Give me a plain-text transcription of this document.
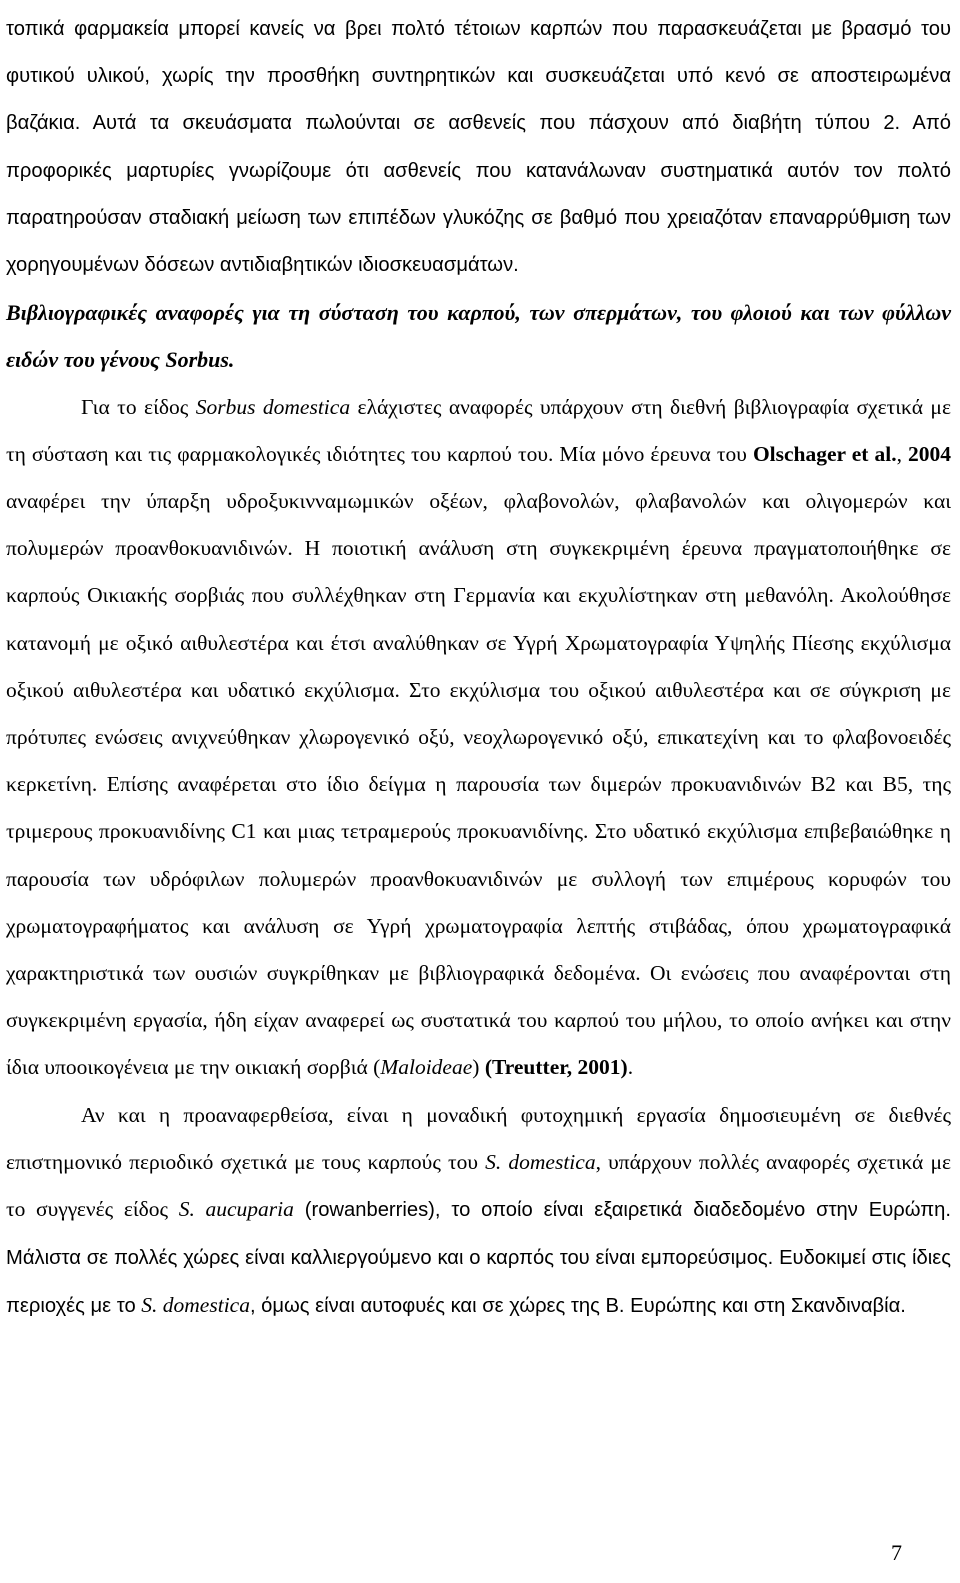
τοπικά φαρμακεία μπορεί κανείς να βρει πολτό τέτοιων καρπών που παρασκευάζεται με βρασμό του φυτικού υλικού, χωρίς την προσθήκη συντηρητικών και συσκευάζεται υπό κενό σε αποστειρωμένα βαζάκια. Αυτά τα σκευάσματα πωλούνται σε ασθενείς που πάσχουν από διαβήτη τύπου 2. Από προφορικές μαρτυρίες γνωρίζουμε ότι ασθενείς που κατανάλωναν συστηματικά αυτόν τον πολτό παρατηρούσαν σταδιακή μείωση των επιπέδων γλυκόζης σε βαθμό που χρειαζόταν επαναρρύθμιση των χορηγουμένων δόσεων αντιδιαβητικών ιδιοσκευασμάτων.

Βιβλιογραφικές αναφορές για τη σύσταση του καρπού, των σπερμάτων, του φλοιού και των φύλλων ειδών του γένους Sorbus.

Για το είδος Sorbus domestica ελάχιστες αναφορές υπάρχουν στη διεθνή βιβλιογραφία σχετικά με τη σύσταση και τις φαρμακολογικές ιδιότητες του καρπού του. Μία μόνο έρευνα του Olschager et al., 2004 αναφέρει την ύπαρξη υδροξυκινναμωμικών οξέων, φλαβονολών, φλαβανολών και ολιγομερών και πολυμερών προανθοκυανιδινών. Η ποιοτική ανάλυση στη συγκεκριμένη έρευνα πραγματοποιήθηκε σε καρπούς Οικιακής σορβιάς που συλλέχθηκαν στη Γερμανία και εκχυλίστηκαν στη μεθανόλη. Ακολούθησε κατανομή με οξικό αιθυλεστέρα και έτσι αναλύθηκαν σε Υγρή Χρωματογραφία Υψηλής Πίεσης εκχύλισμα οξικού αιθυλεστέρα και υδατικό εκχύλισμα. Στο εκχύλισμα του οξικού αιθυλεστέρα και σε σύγκριση με πρότυπες ενώσεις ανιχνεύθηκαν χλωρογενικό οξύ, νεοχλωρογενικό οξύ, επικατεχίνη και το φλαβονοειδές κερκετίνη. Επίσης αναφέρεται στο ίδιο δείγμα η παρουσία των διμερών προκυανιδινών Β2 και Β5, της τριμερους προκυανιδίνης C1 και μιας τετραμερούς προκυανιδίνης. Στο υδατικό εκχύλισμα επιβεβαιώθηκε η παρουσία των υδρόφιλων πολυμερών προανθοκυανιδινών με συλλογή των επιμέρους κορυφών του χρωματογραφήματος και ανάλυση σε Υγρή χρωματογραφία λεπτής στιβάδας, όπου χρωματογραφικά χαρακτηριστικά των ουσιών συγκρίθηκαν με βιβλιογραφικά δεδομένα. Οι ενώσεις που αναφέρονται στη συγκεκριμένη εργασία, ήδη είχαν αναφερεί ως συστατικά του καρπού του μήλου, το οποίο ανήκει και στην ίδια υποοικογένεια με την οικιακή σορβιά (Maloideae) (Treutter, 2001).

Αν και η προαναφερθείσα, είναι η μοναδική φυτοχημική εργασία δημοσιευμένη σε διεθνές επιστημονικό περιοδικό σχετικά με τους καρπούς του S. domestica, υπάρχουν πολλές αναφορές σχετικά με το συγγενές είδος S. aucuparia (rowanberries), το οποίο είναι εξαιρετικά διαδεδομένο στην Ευρώπη. Μάλιστα σε πολλές χώρες είναι καλλιεργούμενο και ο καρπός του είναι εμπορεύσιμος. Ευδοκιμεί στις ίδιες περιοχές με το S. domestica, όμως είναι αυτοφυές και σε χώρες της Β. Ευρώπης και στη Σκανδιναβία.

7
